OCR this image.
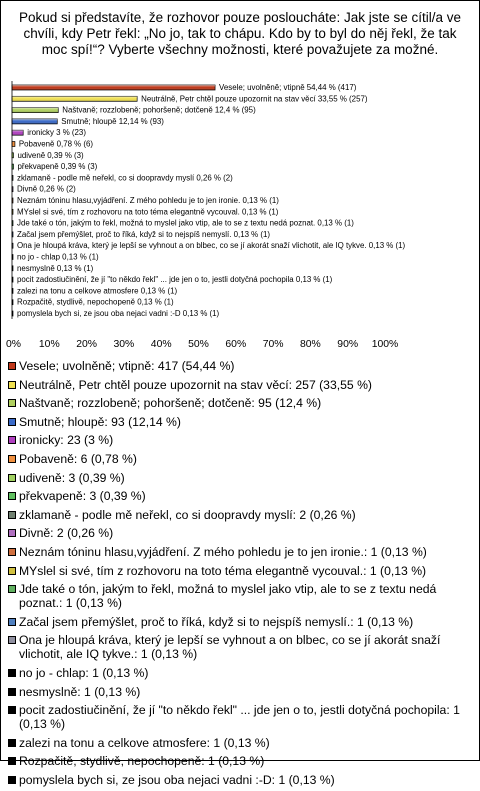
Pokud si představíte, že rozhovor pouze posloucháte: Jak jste se cítil/a ve chvíli, kdy Petr řekl: „No jo, tak to chápu. Kdo by to byl do něj řekl, že tak moc spí!“? Vyberte všechny možnosti, které považujete za možné.
Vesele; uvolněně; vtipně 54,44 % (417)
Neutrálně, Petr chtěl pouze upozornit na stav věcí 33,55 % (257)
Naštvaně; rozzlobeně; pohoršeně; dotčeně 12,4 % (95)
Smutně; hloupě 12,14 % (93)
ironicky 3 % (23)
Pobaveně 0,78 % (6)
udiveně 0,39 % (3)
překvapeně 0,39 % (3)
zklamaně - podle mě neřekl, co si doopravdy myslí 0,26 % (2)
Divně 0,26 % (2)
Neznám tóninu hlasu,vyjádření. Z mého pohledu je to jen ironie. 0,13 % (1)
MYslel si své, tím z rozhovoru na toto téma elegantně vycouval. 0,13 % (1)
Jde také o tón, jakým to řekl, možná to myslel jako vtip, ale to se z textu nedá poznat. 0,13 % (1)
Začal jsem přemýšlet, proč to říká, když si to nejspíš nemyslí. 0,13 % (1)
Ona je hloupá kráva, který je lepší se vyhnout a on blbec, co se jí akorát snaží vlichotit, ale IQ tykve. 0,13 % (1)
no jo - chlap 0,13 % (1)
nesmyslně 0,13 % (1)
pocit zadostiučinění, že jí "to někdo řekl" ... jde jen o to, jestli dotyčná pochopila 0,13 % (1)
zalezi na tonu a celkove atmosfere 0,13 % (1)
Rozpačitě, stydlivě, nepochopeně 0,13 % (1)
pomyslela bych si, ze jsou oba nejaci vadni :-D 0,13 % (1)
0% 10% 20% 30% 40% 50% 60% 70% 80% 90% 100%
Vesele; uvolněně; vtipně: 417 (54,44 %)
Neutrálně, Petr chtěl pouze upozornit na stav věcí: 257 (33,55 %)
Naštvaně; rozzlobeně; pohoršeně; dotčeně: 95 (12,4 %)
Smutně; hloupě: 93 (12,14 %)
ironicky: 23 (3 %)
Pobaveně: 6 (0,78 %)
udiveně: 3 (0,39 %)
překvapeně: 3 (0,39 %)
zklamaně - podle mě neřekl, co si doopravdy myslí: 2 (0,26 %)
Divně: 2 (0,26 %)
Neznám tóninu hlasu,vyjádření. Z mého pohledu je to jen ironie.: 1 (0,13 %)
MYslel si své, tím z rozhovoru na toto téma elegantně vycouval.: 1 (0,13 %)
Jde také o tón, jakým to řekl, možná to myslel jako vtip, ale to se z textu nedá poznat.: 1 (0,13 %)
Začal jsem přemýšlet, proč to říká, když si to nejspíš nemyslí.: 1 (0,13 %)
Ona je hloupá kráva, který je lepší se vyhnout a on blbec, co se jí akorát snaží vlichotit, ale IQ tykve.: 1 (0,13 %)
no jo - chlap: 1 (0,13 %)
nesmyslně: 1 (0,13 %)
pocit zadostiučinění, že jí "to někdo řekl" ... jde jen o to, jestli dotyčná pochopila: 1 (0,13 %)
zalezi na tonu a celkove atmosfere: 1 (0,13 %)
Rozpačitě, stydlivě, nepochopeně: 1 (0,13 %)
pomyslela bych si, ze jsou oba nejaci vadni :-D: 1 (0,13 %)
